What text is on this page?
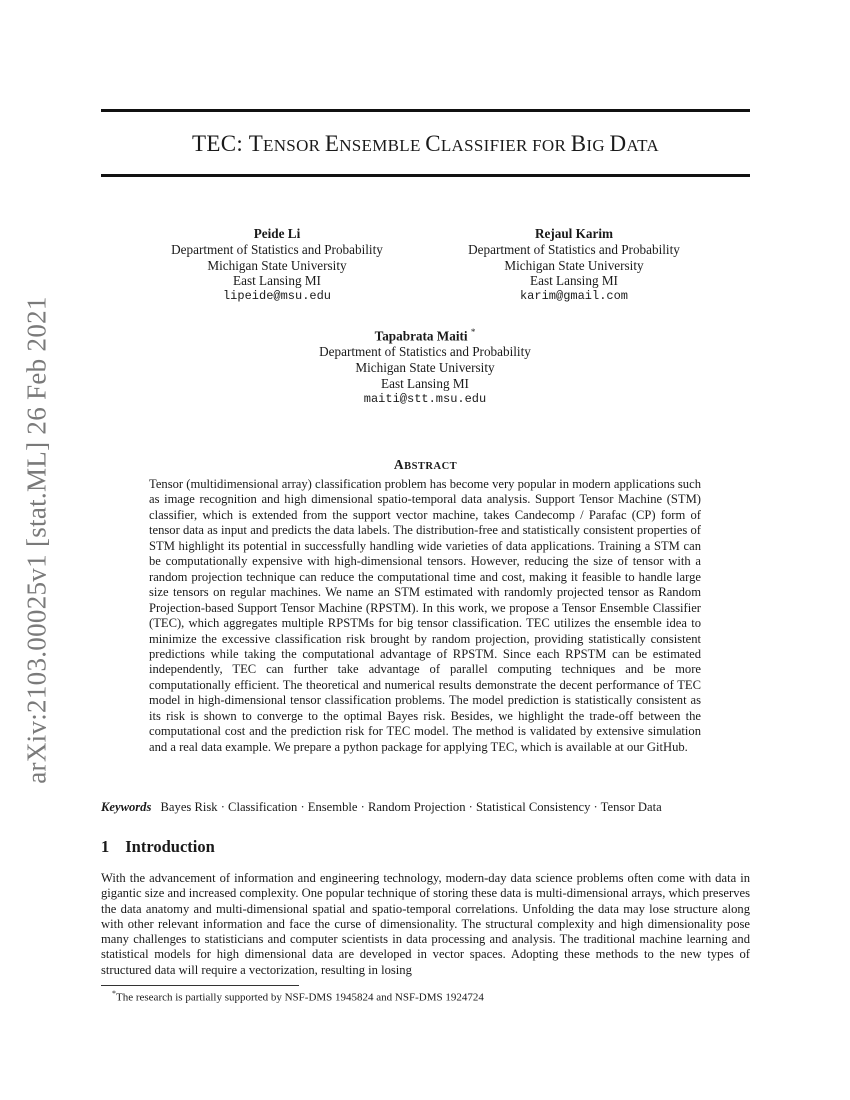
arXiv:2103.00025v1 [stat.ML] 26 Feb 2021
TEC: TENSOR ENSEMBLE CLASSIFIER FOR BIG DATA
Peide Li
Department of Statistics and Probability
Michigan State University
East Lansing MI
lipeide@msu.edu
Rejaul Karim
Department of Statistics and Probability
Michigan State University
East Lansing MI
karim@gmail.com
Tapabrata Maiti *
Department of Statistics and Probability
Michigan State University
East Lansing MI
maiti@stt.msu.edu
ABSTRACT

Tensor (multidimensional array) classification problem has become very popular in modern applications such as image recognition and high dimensional spatio-temporal data analysis. Support Tensor Machine (STM) classifier, which is extended from the support vector machine, takes Candecomp / Parafac (CP) form of tensor data as input and predicts the data labels. The distribution-free and statistically consistent properties of STM highlight its potential in successfully handling wide varieties of data applications. Training a STM can be computationally expensive with high-dimensional tensors. However, reducing the size of tensor with a random projection technique can reduce the computational time and cost, making it feasible to handle large size tensors on regular machines. We name an STM estimated with randomly projected tensor as Random Projection-based Support Tensor Machine (RPSTM). In this work, we propose a Tensor Ensemble Classifier (TEC), which aggregates multiple RPSTMs for big tensor classification. TEC utilizes the ensemble idea to minimize the excessive classification risk brought by random projection, providing statistically consistent predictions while taking the computational advantage of RPSTM. Since each RPSTM can be estimated independently, TEC can further take advantage of parallel computing techniques and be more computationally efficient. The theoretical and numerical results demonstrate the decent performance of TEC model in high-dimensional tensor classification problems. The model prediction is statistically consistent as its risk is shown to converge to the optimal Bayes risk. Besides, we highlight the trade-off between the computational cost and the prediction risk for TEC model. The method is validated by extensive simulation and a real data example. We prepare a python package for applying TEC, which is available at our GitHub.

Keywords Bayes Risk · Classification · Ensemble · Random Projection · Statistical Consistency · Tensor Data
1 Introduction

With the advancement of information and engineering technology, modern-day data science problems often come with data in gigantic size and increased complexity. One popular technique of storing these data is multi-dimensional arrays, which preserves the data anatomy and multi-dimensional spatial and spatio-temporal correlations. Unfolding the data may lose structure along with other relevant information and face the curse of dimensionality. The structural complexity and high dimensionality pose many challenges to statisticians and computer scientists in data processing and analysis. The traditional machine learning and statistical models for high dimensional data are developed in vector spaces. Adopting these methods to the new types of structured data will require a vectorization, resulting in losing

*The research is partially supported by NSF-DMS 1945824 and NSF-DMS 1924724
